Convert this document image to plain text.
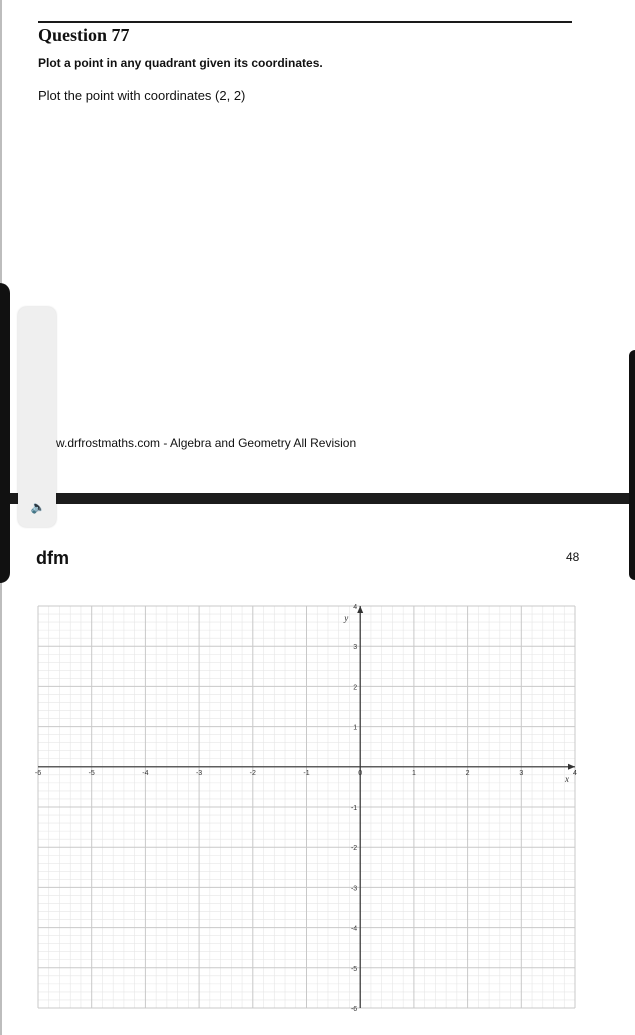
Question 77
Plot a point in any quadrant given its coordinates.
Plot the point with coordinates (2, 2)
w.drfrostmaths.com - Algebra and Geometry All Revision
🔈
dfm	48
-6	-5	-4	-3	-2	-1	0	1	2	3	4
4
3
2
1
-1
-2
-3
-4
-5
-6
x
y
